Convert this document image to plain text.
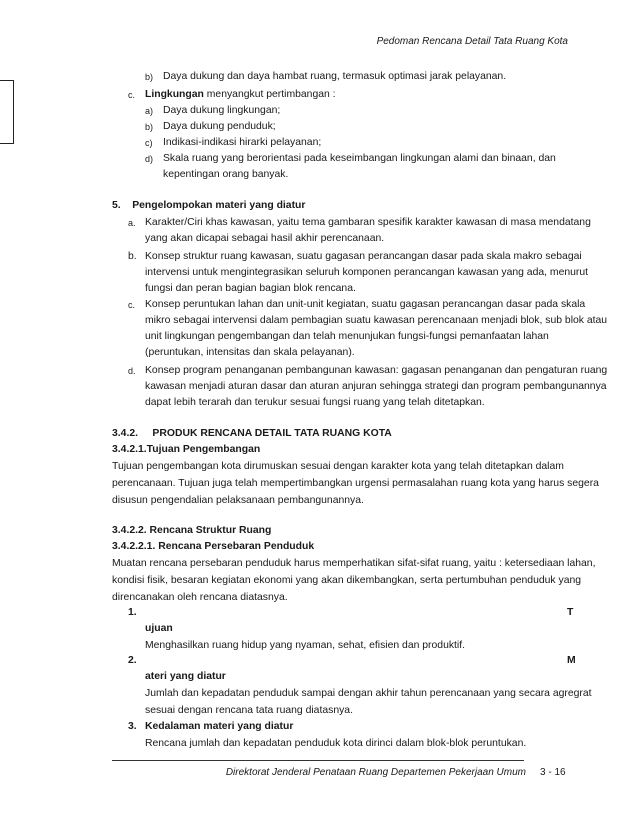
Pedoman Rencana Detail Tata Ruang Kota
b) Daya dukung dan daya hambat ruang, termasuk optimasi jarak pelayanan.
c. Lingkungan menyangkut pertimbangan :
a) Daya dukung lingkungan;
b) Daya dukung penduduk;
c) Indikasi-indikasi hirarki pelayanan;
d) Skala ruang yang berorientasi pada keseimbangan lingkungan alami dan binaan, dan
kepentingan orang banyak.
5.    Pengelompokan materi yang diatur
a. Karakter/Ciri khas kawasan, yaitu tema gambaran spesifik karakter kawasan di masa mendatang
yang akan dicapai sebagai hasil akhir perencanaan.
b. Konsep struktur ruang kawasan, suatu gagasan perancangan dasar pada skala makro sebagai
intervensi untuk mengintegrasikan seluruh komponen perancangan kawasan yang ada, menurut
fungsi dan peran bagian bagian blok rencana.
c. Konsep peruntukan lahan dan unit-unit kegiatan, suatu gagasan perancangan dasar pada skala
mikro sebagai intervensi dalam pembagian suatu kawasan perencanaan menjadi blok, sub blok atau
unit lingkungan pengembangan dan telah menunjukan fungsi-fungsi pemanfaatan lahan
(peruntukan, intensitas dan skala pelayanan).
d. Konsep program penanganan pembangunan kawasan: gagasan penanganan dan pengaturan ruang
kawasan menjadi aturan dasar dan aturan anjuran sehingga strategi dan program pembangunannya
dapat lebih terarah dan terukur sesuai fungsi ruang yang telah ditetapkan.
3.4.2.     PRODUK RENCANA DETAIL TATA RUANG KOTA
3.4.2.1.Tujuan Pengembangan
Tujuan pengembangan kota dirumuskan sesuai dengan karakter kota yang telah ditetapkan dalam
perencanaan. Tujuan juga telah mempertimbangkan urgensi permasalahan ruang kota yang harus segera
disusun pengendalian pelaksanaan pembangunannya.
3.4.2.2. Rencana Struktur Ruang
3.4.2.2.1. Rencana Persebaran Penduduk
Muatan rencana persebaran penduduk harus memperhatikan sifat-sifat ruang, yaitu : ketersediaan lahan,
kondisi fisik, besaran kegiatan ekonomi yang akan dikembangkan, serta pertumbuhan penduduk yang
direncanakan oleh rencana diatasnya.
1.	T
ujuan
Menghasilkan ruang hidup yang nyaman, sehat, efisien dan produktif.
2.	M
ateri yang diatur
Jumlah dan kepadatan penduduk sampai dengan akhir tahun perencanaan yang secara agregrat
sesuai dengan rencana tata ruang diatasnya.
3. Kedalaman materi yang diatur
Rencana jumlah dan kepadatan penduduk kota dirinci dalam blok-blok peruntukan.
Direktorat Jenderal Penataan Ruang Departemen Pekerjaan Umum 3 - 16
